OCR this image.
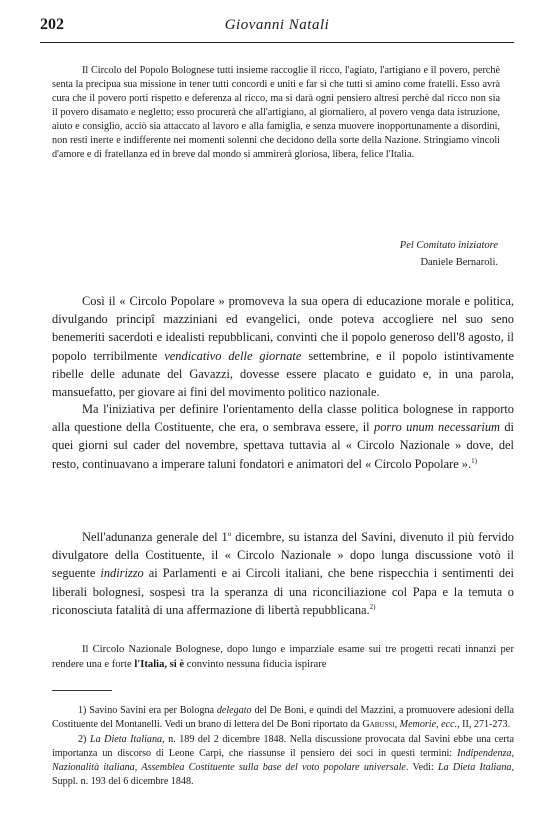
202	Giovanni Natali

Il Circolo del Popolo Bolognese tutti insieme raccoglie il ricco, l'agiato, l'artigiano e il povero, perchè senta la precipua sua missione in tener tutti concordi e uniti e far sì che tutti si amino come fratelli. Esso avrà cura che il povero porti rispetto e deferenza al ricco, ma si darà ogni pensiero altresì perchè dal ricco non sia il povero disamato e negletto; esso procurerà che all'artigiano, al giornaliero, al povero venga data istruzione, aiuto e consiglio, acciò sia attaccato al lavoro e alla famiglia, e senza muovere inopportunamente a disordini, non resti inerte e indifferente nei momenti solenni che decidono della sorte della Nazione. Stringiamo vincoli d'amore e di fratellanza ed in breve dal mondo si ammirerà gloriosa, libera, felice l'Italia.

Pel Comitato iniziatore
Daniele Bernaroli.

Così il « Circolo Popolare » promoveva la sua opera di educazione morale e politica, divulgando principî mazziniani ed evangelici, onde poteva accogliere nel suo seno benemeriti sacerdoti e idealisti repubblicani, convinti che il popolo generoso dell'8 agosto, il popolo terribilmente vendicativo delle giornate settembrine, e il popolo istintivamente ribelle delle adunate del Gavazzi, dovesse essere placato e guidato e, in una parola, mansuefatto, per giovare ai fini del movimento politico nazionale.

Ma l'iniziativa per definire l'orientamento della classe politica bolognese in rapporto alla questione della Costituente, che era, o sembrava essere, il porro unum necessarium di quei giorni sul cader del novembre, spettava tuttavia al « Circolo Nazionale » dove, del resto, continuavano a imperare taluni fondatori e animatori del « Circolo Popolare ».$^{1)}$

Nell'adunanza generale del 1$^o$ dicembre, su istanza del Savini, divenuto il più fervido divulgatore della Costituente, il « Circolo Nazionale » dopo lunga discussione votò il seguente indirizzo ai Parlamenti e ai Circoli italiani, che bene rispecchia i sentimenti dei liberali bolognesi, sospesi tra la speranza di una riconciliazione col Papa e la temuta o riconosciuta fatalità di una affermazione di libertà repubblicana.$^{2)}$

Il Circolo Nazionale Bolognese, dopo lungo e imparziale esame sui tre progetti recati innanzi per rendere una e forte l'Italia, si è convinto nessuna fiducia ispirare

1) Savino Savini era per Bologna delegato del De Boni, e quindi del Mazzini, a promuovere adesioni della Costituente del Montanelli. Vedi un brano di lettera del De Boni riportato da Gabussi, Memorie, ecc., II, 271-273.

2) La Dieta Italiana, n. 189 del 2 dicembre 1848. Nella discussione provocata dal Savini ebbe una certa importanza un discorso di Leone Carpi, che riassunse il pensiero dei soci in questi termini: Indipendenza, Nazionalità italiana, Assemblea Costituente sulla base del voto popolare universale. Vedi: La Dieta Italiana, Suppl. n. 193 del 6 dicembre 1848.
